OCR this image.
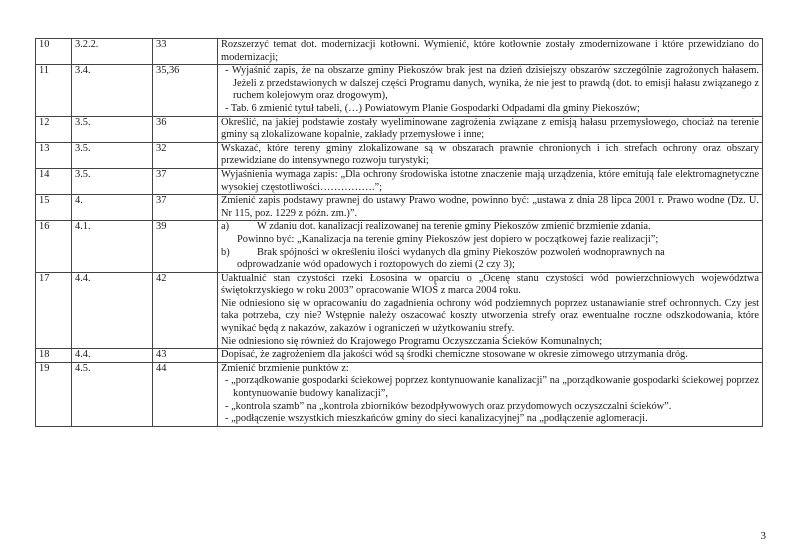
10	3.2.2.	33	Rozszerzyć temat dot. modernizacji kotłowni. Wymienić, które kotłownie zostały zmodernizowane i które przewidziano do modernizacji;

11	3.4.	35,36	- Wyjaśnić zapis, że na obszarze gminy Piekoszów brak jest na dzień dzisiejszy obszarów szczególnie zagrożonych hałasem. Jeżeli z przedstawionych w dalszej części Programu danych, wynika, że nie jest to prawdą (dot. to emisji hałasu związanego z ruchem kolejowym oraz drogowym),
- Tab. 6 zmienić tytuł tabeli, (…) Powiatowym Planie Gospodarki Odpadami dla gminy Piekoszów;

12	3.5.	36	Określić, na jakiej podstawie zostały wyeliminowane zagrożenia związane z emisją hałasu przemysłowego, chociaż na terenie gminy są zlokalizowane kopalnie, zakłady przemysłowe i inne;

13	3.5.	32	Wskazać, które tereny gminy zlokalizowane są w obszarach prawnie chronionych i ich strefach ochrony oraz obszary przewidziane do intensywnego rozwoju turystyki;

14	3.5.	37	Wyjaśnienia wymaga zapis: „Dla ochrony środowiska istotne znaczenie mają urządzenia, które emitują fale elektromagnetyczne wysokiej częstotliwości…………….”;

15	4.	37	Zmienić zapis podstawy prawnej do ustawy Prawo wodne, powinno być: „ustawa z dnia 28 lipca 2001 r. Prawo wodne (Dz. U. Nr 115, poz. 1229 z późn. zm.)”.

16	4.1.	39	a) W zdaniu dot. kanalizacji realizowanej na terenie gminy Piekoszów zmienić brzmienie zdania.
Powinno być: „Kanalizacja na terenie gminy Piekoszów jest dopiero w początkowej fazie realizacji”;
b) Brak spójności w określeniu ilości wydanych dla gminy Piekoszów pozwoleń wodnoprawnych na
odprowadzanie wód opadowych i roztopowych do ziemi (2 czy 3);

17	4.4.	42	Uaktualnić stan czystości rzeki Łososina w oparciu o „Ocenę stanu czystości wód powierzchniowych województwa świętokrzyskiego w roku 2003” opracowanie WIOŚ z marca 2004 roku.
Nie odniesiono się w opracowaniu do zagadnienia ochrony wód podziemnych poprzez ustanawianie stref ochronnych. Czy jest taka potrzeba, czy nie? Wstępnie należy oszacować koszty utworzenia strefy oraz ewentualne roczne odszkodowania, które wynikać będą z nakazów, zakazów i ograniczeń w użytkowaniu strefy.
Nie odniesiono się również do Krajowego Programu Oczyszczania Ścieków Komunalnych;

18	4.4.	43	Dopisać, że zagrożeniem dla jakości wód są środki chemiczne stosowane w okresie zimowego utrzymania dróg.

19	4.5.	44	Zmienić brzmienie punktów z:
- „porządkowanie gospodarki ściekowej poprzez kontynuowanie kanalizacji” na „porządkowanie gospodarki ściekowej poprzez kontynuowanie budowy kanalizacji”,
- „kontrola szamb” na „kontrola zbiorników bezodpływowych oraz przydomowych oczyszczalni ścieków”.
- „podłączenie wszystkich mieszkańców gminy do sieci kanalizacyjnej” na „podłączenie aglomeracji.
3
